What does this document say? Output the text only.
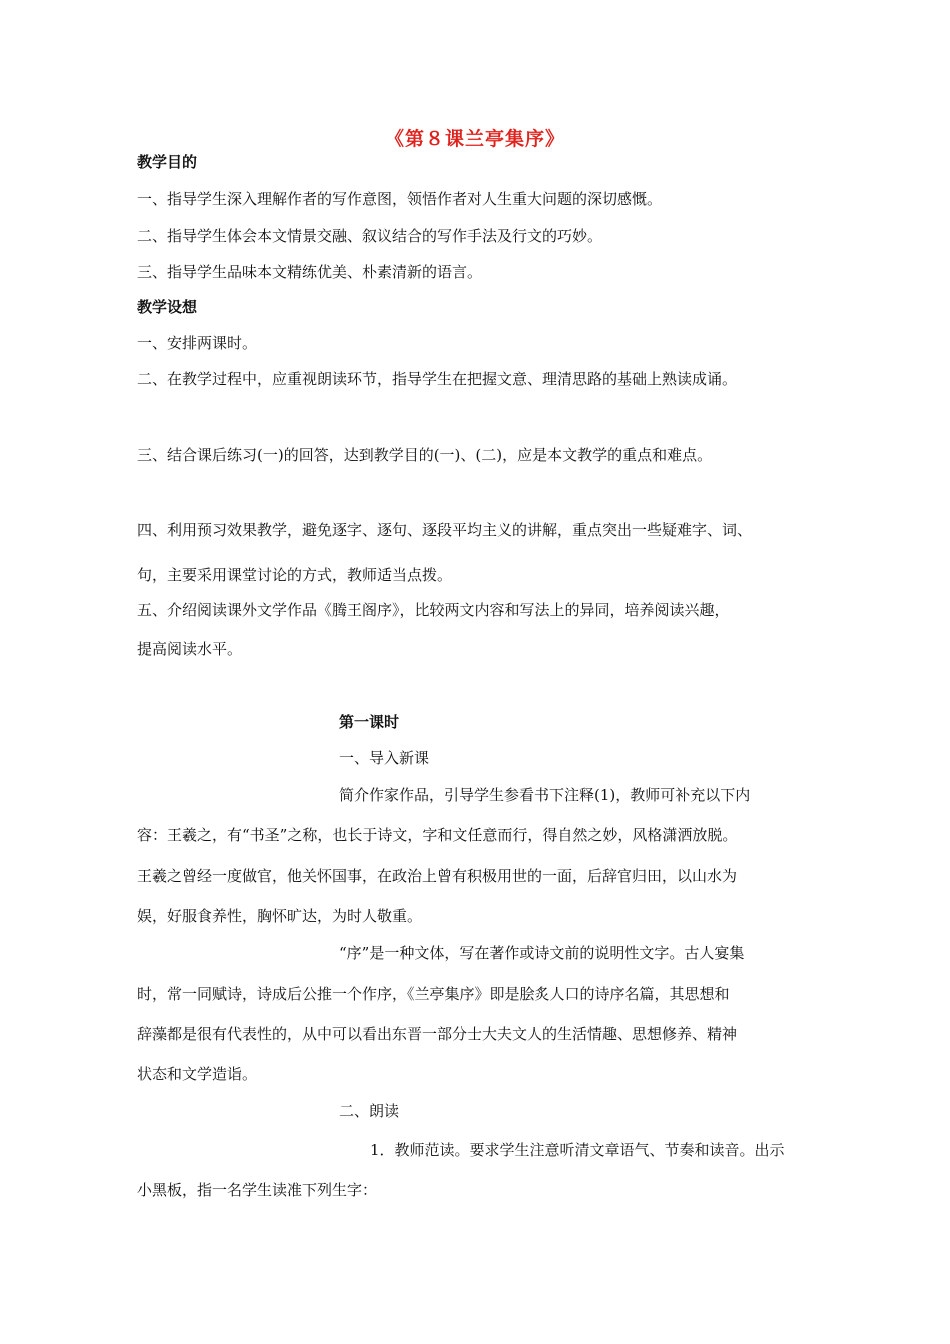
《第８课兰亭集序》
教学目的
一、指导学生深入理解作者的写作意图，领悟作者对人生重大问题的深切感慨。
二、指导学生体会本文情景交融、叙议结合的写作手法及行文的巧妙。
三、指导学生品味本文精练优美、朴素清新的语言。
教学设想
一、安排两课时。
二、在教学过程中，应重视朗读环节，指导学生在把握文意、理清思路的基础上熟读成诵。
三、结合课后练习(一)的回答，达到教学目的(一)、(二)，应是本文教学的重点和难点。
四、利用预习效果教学，避免逐字、逐句、逐段平均主义的讲解，重点突出一些疑难字、词、
句，主要采用课堂讨论的方式，教师适当点拨。
五、介绍阅读课外文学作品《腾王阁序》，比较两文内容和写法上的异同，培养阅读兴趣，
提高阅读水平。
第一课时
一、导入新课
简介作家作品，引导学生参看书下注释(1)，教师可补充以下内
容：王羲之，有“书圣”之称，也长于诗文，字和文任意而行，得自然之妙，风格潇洒放脱。
王羲之曾经一度做官，他关怀国事，在政治上曾有积极用世的一面，后辞官归田，以山水为
娱，好服食养性，胸怀旷达，为时人敬重。
“序”是一种文体，写在著作或诗文前的说明性文字。古人宴集
时，常一同赋诗，诗成后公推一个作序，《兰亭集序》即是脍炙人口的诗序名篇，其思想和
辞藻都是很有代表性的，从中可以看出东晋一部分士大夫文人的生活情趣、思想修养、精神
状态和文学造诣。
二、朗读
1．教师范读。要求学生注意听清文章语气、节奏和读音。出示
小黑板，指一名学生读准下列生字：
